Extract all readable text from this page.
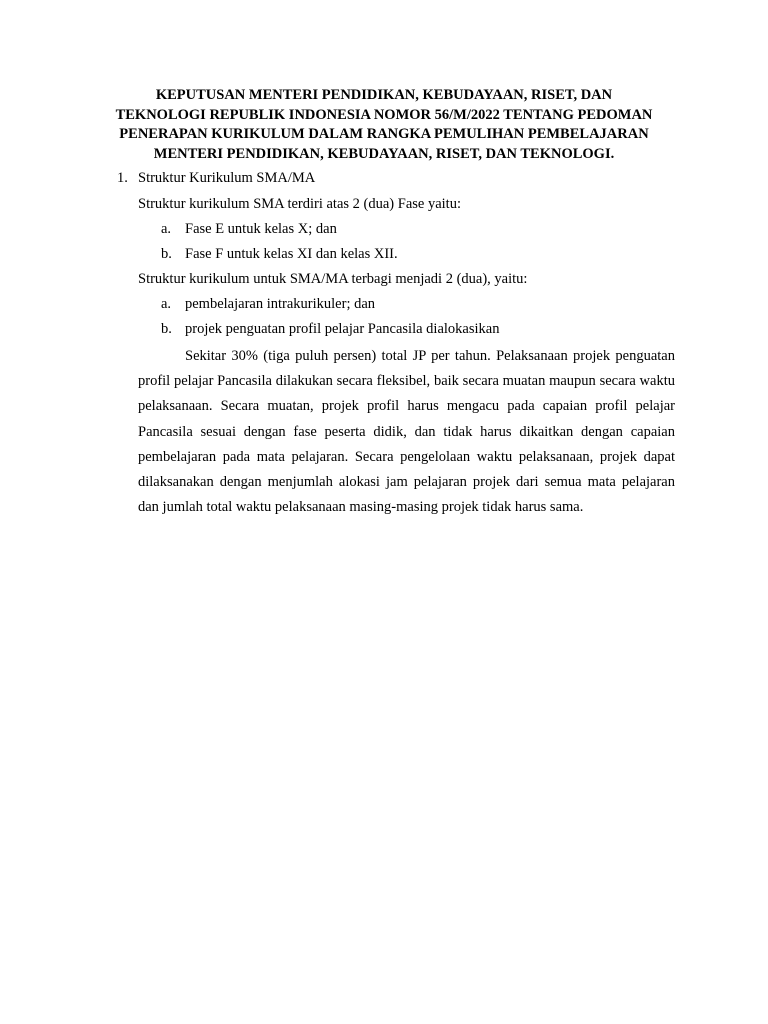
KEPUTUSAN MENTERI PENDIDIKAN, KEBUDAYAAN, RISET, DAN
TEKNOLOGI REPUBLIK INDONESIA NOMOR 56/M/2022 TENTANG PEDOMAN
PENERAPAN KURIKULUM DALAM RANGKA PEMULIHAN PEMBELAJARAN
MENTERI PENDIDIKAN, KEBUDAYAAN, RISET, DAN TEKNOLOGI.
1. Struktur Kurikulum SMA/MA

Struktur kurikulum SMA terdiri atas 2 (dua) Fase yaitu:

a. Fase E untuk kelas X; dan

b. Fase F untuk kelas XI dan kelas XII.

Struktur kurikulum untuk SMA/MA terbagi menjadi 2 (dua), yaitu:

a. pembelajaran intrakurikuler; dan

b. projek penguatan profil pelajar Pancasila dialokasikan

Sekitar 30% (tiga puluh persen) total JP per tahun. Pelaksanaan projek penguatan profil pelajar Pancasila dilakukan secara fleksibel, baik secara muatan maupun secara waktu pelaksanaan. Secara muatan, projek profil harus mengacu pada capaian profil pelajar Pancasila sesuai dengan fase peserta didik, dan tidak harus dikaitkan dengan capaian pembelajaran pada mata pelajaran. Secara pengelolaan waktu pelaksanaan, projek dapat dilaksanakan dengan menjumlah alokasi jam pelajaran projek dari semua mata pelajaran dan jumlah total waktu pelaksanaan masing-masing projek tidak harus sama.
